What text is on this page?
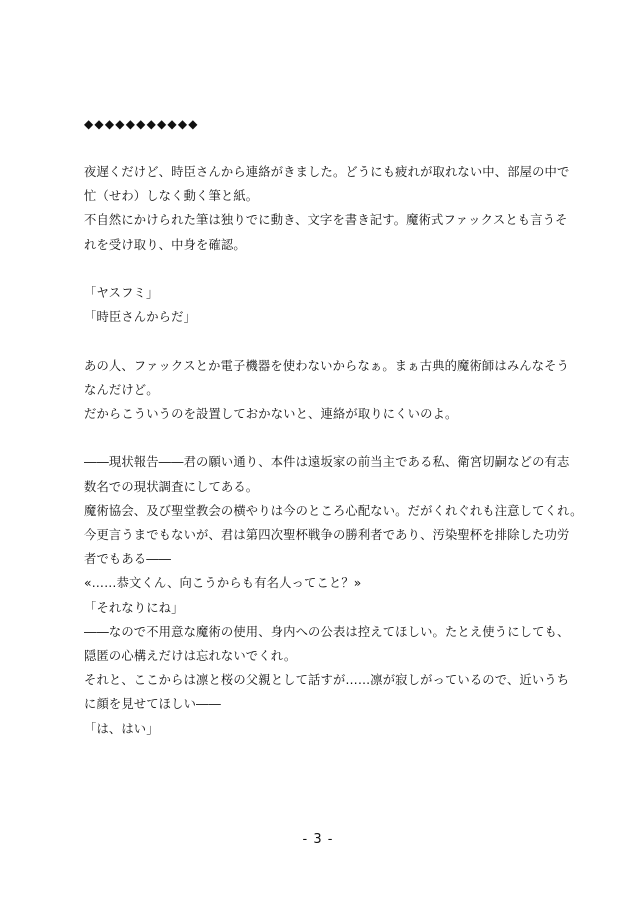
◆◆◆◆◆◆◆◆◆◆◆
夜遅くだけど、時臣さんから連絡がきました。どうにも疲れが取れない中、部屋の中で
忙（せわ）しなく動く筆と紙。
不自然にかけられた筆は独りでに動き、文字を書き記す。魔術式ファックスとも言うそ
れを受け取り、中身を確認。
「ヤスフミ」
「時臣さんからだ」
あの人、ファックスとか電子機器を使わないからなぁ。まぁ古典的魔術師はみんなそう
なんだけど。
だからこういうのを設置しておかないと、連絡が取りにくいのよ。
――現状報告――君の願い通り、本件は遠坂家の前当主である私、衛宮切嗣などの有志
数名での現状調査にしてある。
魔術協会、及び聖堂教会の横やりは今のところ心配ない。だがくれぐれも注意してくれ。
今更言うまでもないが、君は第四次聖杯戦争の勝利者であり、汚染聖杯を排除した功労
者でもある――
«……恭文くん、向こうからも有名人ってこと？»
「それなりにね」
――なので不用意な魔術の使用、身内への公表は控えてほしい。たとえ使うにしても、
隠匿の心構えだけは忘れないでくれ。
それと、ここからは凛と桜の父親として話すが……凛が寂しがっているので、近いうち
に顔を見せてほしい――
「は、はい」
- 3 -
